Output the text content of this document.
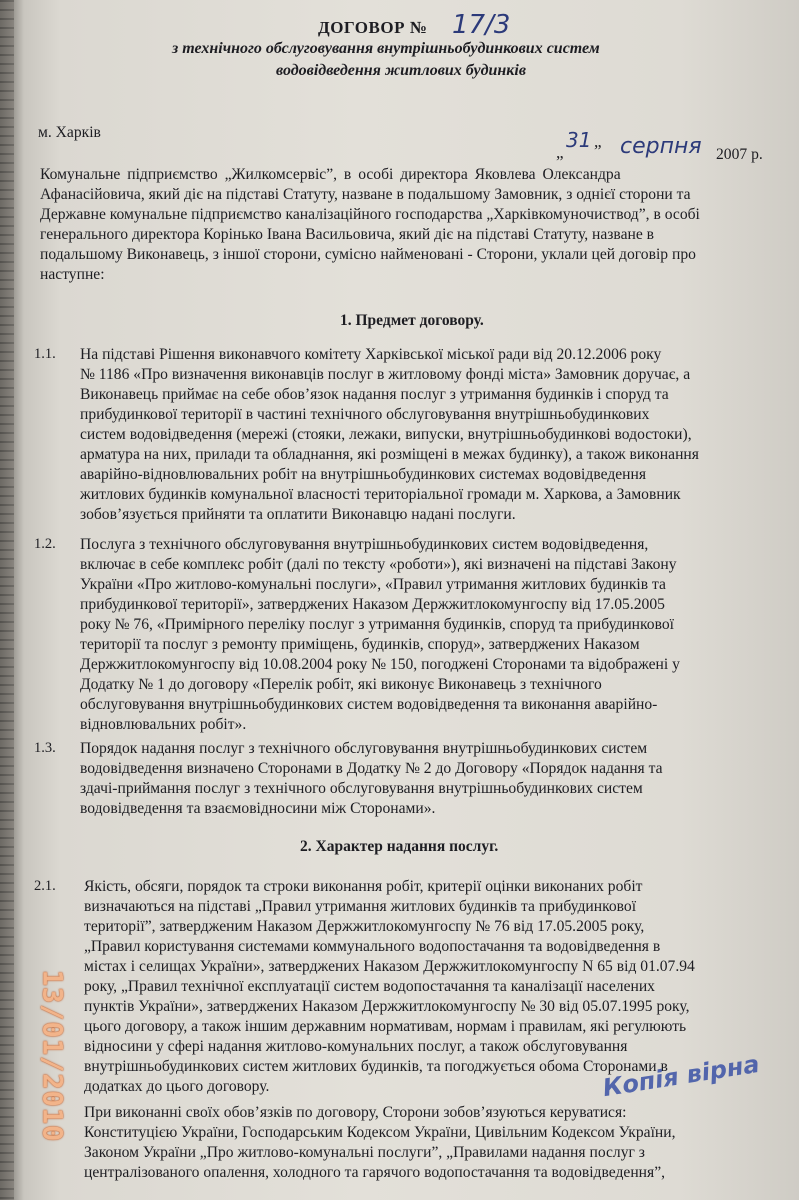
ДОГОВОР № 17/3
з технічного обслуговування внутрішньобудинкових систем
водовідведення житлових будинків
м. Харків
„
31 ” серпня 2007 р.
Комунальне підприємство „Жилкомсервіс”, в особі директора Яковлева Олександра
Афанасійовича, який діє на підставі Статуту, назване в подальшому Замовник, з однієї сторони та
Державне комунальне підприємство каналізаційного господарства „Харківкомуночиствод”, в особі
генерального директора Корінько Івана Васильовича, який діє на підставі Статуту, назване в
подальшому Виконавець, з іншої сторони, сумісно найменовані - Сторони, уклали цей договір про
наступне:
1. Предмет договору.
1.1. На підставі Рішення виконавчого комітету Харківської міської ради від 20.12.2006 року
№ 1186 «Про визначення виконавців послуг в житловому фонді міста» Замовник доручає, а
Виконавець приймає на себе обов’язок надання послуг з утримання будинків і споруд та
прибудинкової території в частині технічного обслуговування внутрішньобудинкових
систем водовідведення (мережі (стояки, лежаки, випуски, внутрішньобудинкові водостоки),
арматура на них, прилади та обладнання, які розміщені в межах будинку), а також виконання
аварійно-відновлювальних робіт на внутрішньобудинкових системах водовідведення
житлових будинків комунальної власності територіальної громади м. Харкова, а Замовник
зобов’язується прийняти та оплатити Виконавцю надані послуги.
1.2. Послуга з технічного обслуговування внутрішньобудинкових систем водовідведення,
включає в себе комплекс робіт (далі по тексту «роботи»), які визначені на підставі Закону
України «Про житлово-комунальні послуги», «Правил утримання житлових будинків та
прибудинкової території», затверджених Наказом Держжитлокомунгоспу від 17.05.2005
року № 76, «Примірного переліку послуг з утримання будинків, споруд та прибудинкової
території та послуг з ремонту приміщень, будинків, споруд», затверджених Наказом
Держжитлокомунгоспу від 10.08.2004 року № 150, погоджені Сторонами та відображені у
Додатку № 1 до договору «Перелік робіт, які виконує Виконавець з технічного
обслуговування внутрішньобудинкових систем водовідведення та виконання аварійно-
відновлювальних робіт».
1.3. Порядок надання послуг з технічного обслуговування внутрішньобудинкових систем
водовідведення визначено Сторонами в Додатку № 2 до Договору «Порядок надання та
здачі-приймання послуг з технічного обслуговування внутрішньобудинкових систем
водовідведення та взаємовідносини між Сторонами».
2. Характер надання послуг.
2.1. Якість, обсяги, порядок та строки виконання робіт, критерії оцінки виконаних робіт
визначаються на підставі „Правил утримання житлових будинків та прибудинкової
території”, затвердженим Наказом Держжитлокомунгоспу № 76 від 17.05.2005 року,
„Правил користування системами коммунального водопостачання та водовідведення в
містах і селищах України», затверджених Наказом Держжитлокомунгоспу N 65 від 01.07.94
року, „Правил технічної експлуатації систем водопостачання та каналізації населених
пунктів України», затверджених Наказом Держжитлокомунгоспу № 30 від 05.07.1995 року,
цього договору, а також іншим державним нормативам, нормам і правилам, які регулюють
відносини у сфері надання житлово-комунальних послуг, а також обслуговування
внутрішньобудинкових систем житлових будинків, та погоджується обома Сторонами в
додатках до цього договору.
При виконанні своїх обов’язків по договору, Сторони зобов’язуються керуватися:
Конституцією України, Господарським Кодексом України, Цивільним Кодексом України,
Законом України „Про житлово-комунальні послуги”, „Правилами надання послуг з
централізованого опалення, холодного та гарячого водопостачання та водовідведення”,
Копія вірна
13/01/2010
